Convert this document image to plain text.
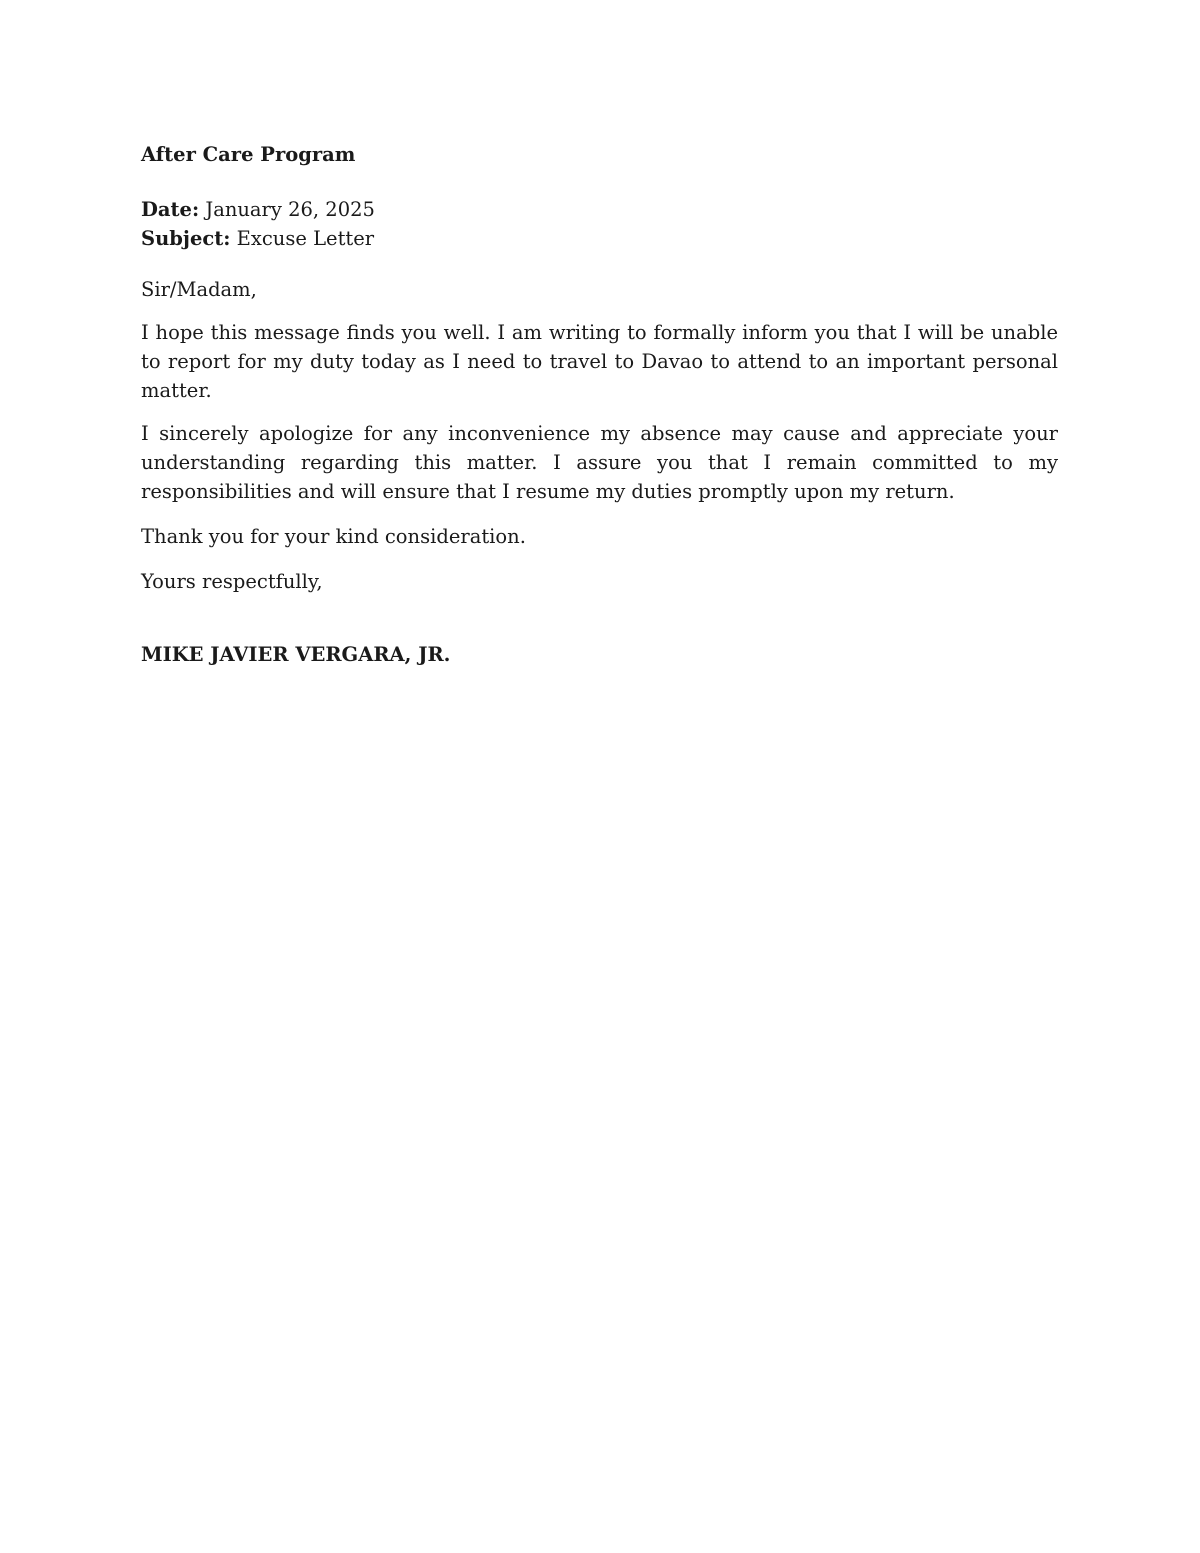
After Care Program

Date: January 26, 2025

Subject: Excuse Letter

Sir/Madam,

I hope this message finds you well. I am writing to formally inform you that I will be unable to report for my duty today as I need to travel to Davao to attend to an important personal matter.

I sincerely apologize for any inconvenience my absence may cause and appreciate your understanding regarding this matter. I assure you that I remain committed to my responsibilities and will ensure that I resume my duties promptly upon my return.

Thank you for your kind consideration.

Yours respectfully,

MIKE JAVIER VERGARA, JR.
